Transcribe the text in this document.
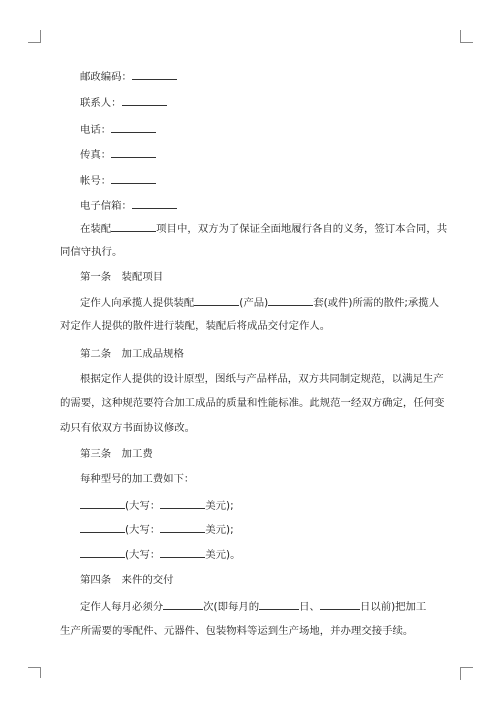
邮政编码：
联系人：
电话：
传真：
帐号：
电子信箱：
在装配	项目中，双方为了保证全面地履行各自的义务，签订本合同，共
同信守执行。
第一条　装配项目
定作人向承揽人提供装配	(产品)	套(或件)所需的散件;承揽人
对定作人提供的散件进行装配，装配后将成品交付定作人。
第二条　加工成品规格
根据定作人提供的设计原型，图纸与产品样品，双方共同制定规范，以满足生产
的需要，这种规范要符合加工成品的质量和性能标准。此规范一经双方确定，任何变
动只有依双方书面协议修改。
第三条　加工费
每种型号的加工费如下：
(大写：	美元);
(大写：	美元);
(大写：	美元)。
第四条　来件的交付
定作人每月必须分	次(即每月的	日、	日以前)把加工
生产所需要的零配件、元器件、包装物料等运到生产场地，并办理交接手续。
